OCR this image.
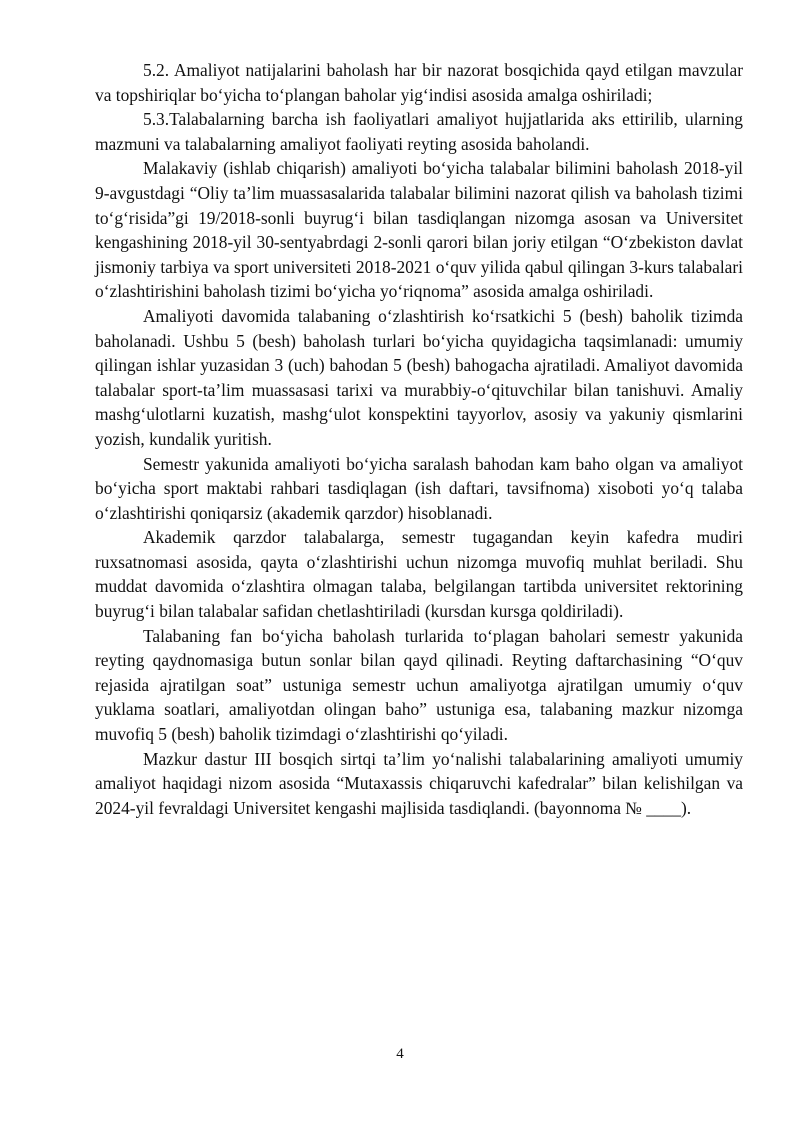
5.2. Amaliyot natijalarini baholash har bir nazorat bosqichida qayd etilgan mavzular va topshiriqlar bo‘yicha to‘plangan baholar yig‘indisi asosida amalga oshiriladi;

5.3.Talabalarning barcha ish faoliyatlari amaliyot hujjatlarida aks ettirilib, ularning mazmuni va talabalarning amaliyot faoliyati reyting asosida baholandi.

Malakaviy (ishlab chiqarish) amaliyoti bo‘yicha talabalar bilimini baholash 2018-yil 9-avgustdagi “Oliy ta’lim muassasalarida talabalar bilimini nazorat qilish va baholash tizimi to‘g‘risida”gi 19/2018-sonli buyrug‘i bilan tasdiqlangan nizomga asosan va Universitet kengashining 2018-yil 30-sentyabrdagi 2-sonli qarori bilan joriy etilgan “O‘zbekiston davlat jismoniy tarbiya va sport universiteti 2018-2021 o‘quv yilida qabul qilingan 3-kurs talabalari o‘zlashtirishini baholash tizimi bo‘yicha yo‘riqnoma” asosida amalga oshiriladi.

Amaliyoti davomida talabaning o‘zlashtirish ko‘rsatkichi 5 (besh) baholik tizimda baholanadi. Ushbu 5 (besh) baholash turlari bo‘yicha quyidagicha taqsimlanadi: umumiy qilingan ishlar yuzasidan 3 (uch) bahodan 5 (besh) bahogacha ajratiladi. Amaliyot davomida talabalar sport-ta’lim muassasasi tarixi va murabbiy-o‘qituvchilar bilan tanishuvi. Amaliy mashg‘ulotlarni kuzatish, mashg‘ulot konspektini tayyorlov, asosiy va yakuniy qismlarini yozish, kundalik yuritish.

Semestr yakunida amaliyoti bo‘yicha saralash bahodan kam baho olgan va amaliyot bo‘yicha sport maktabi rahbari tasdiqlagan (ish daftari, tavsifnoma) xisoboti yo‘q talaba o‘zlashtirishi qoniqarsiz (akademik qarzdor) hisoblanadi.

Akademik qarzdor talabalarga, semestr tugagandan keyin kafedra mudiri ruxsatnomasi asosida, qayta o‘zlashtirishi uchun nizomga muvofiq muhlat beriladi. Shu muddat davomida o‘zlashtira olmagan talaba, belgilangan tartibda universitet rektorining buyrug‘i bilan talabalar safidan chetlashtiriladi (kursdan kursga qoldiriladi).

Talabaning fan bo‘yicha baholash turlarida to‘plagan baholari semestr yakunida reyting qaydnomasiga butun sonlar bilan qayd qilinadi. Reyting daftarchasining “O‘quv rejasida ajratilgan soat” ustuniga semestr uchun amaliyotga ajratilgan umumiy o‘quv yuklama soatlari, amaliyotdan olingan baho” ustuniga esa, talabaning mazkur nizomga muvofiq 5 (besh) baholik tizimdagi o‘zlashtirishi qo‘yiladi.

Mazkur dastur III bosqich sirtqi ta’lim yo‘nalishi talabalarining amaliyoti umumiy amaliyot haqidagi nizom asosida “Mutaxassis chiqaruvchi kafedralar” bilan kelishilgan va 2024-yil fevraldagi Universitet kengashi majlisida tasdiqlandi. (bayonnoma № ____).

4
